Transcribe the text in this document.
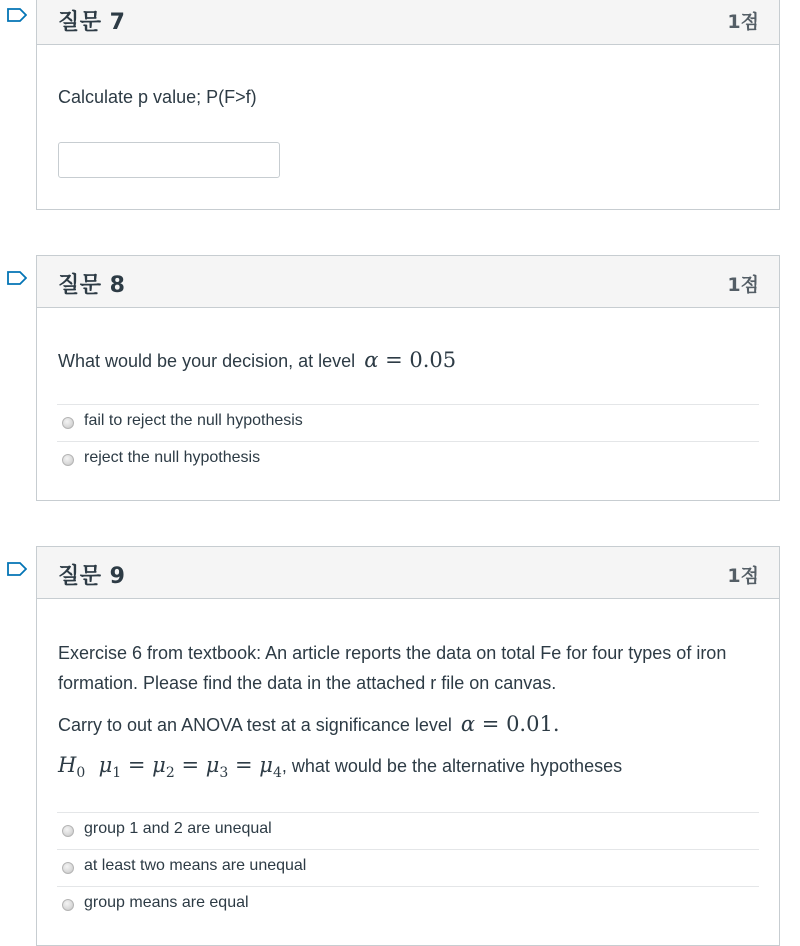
질문 7	1점

Calculate p value; P(F>f)

질문 8	1점
What would be your decision, at level α = 0.05
fail to reject the null hypothesis
reject the null hypothesis
질문 9	1점

Exercise 6 from textbook: An article reports the data on total Fe for four types of iron formation. Please find the data in the attached r file on canvas.

Carry to out an ANOVA test at a significance level α = 0.01.
$H_0$ $\mu_1 = \mu_2 = \mu_3 = \mu_4$, what would be the alternative hypotheses
group 1 and 2 are unequal
at least two means are unequal
group means are equal
